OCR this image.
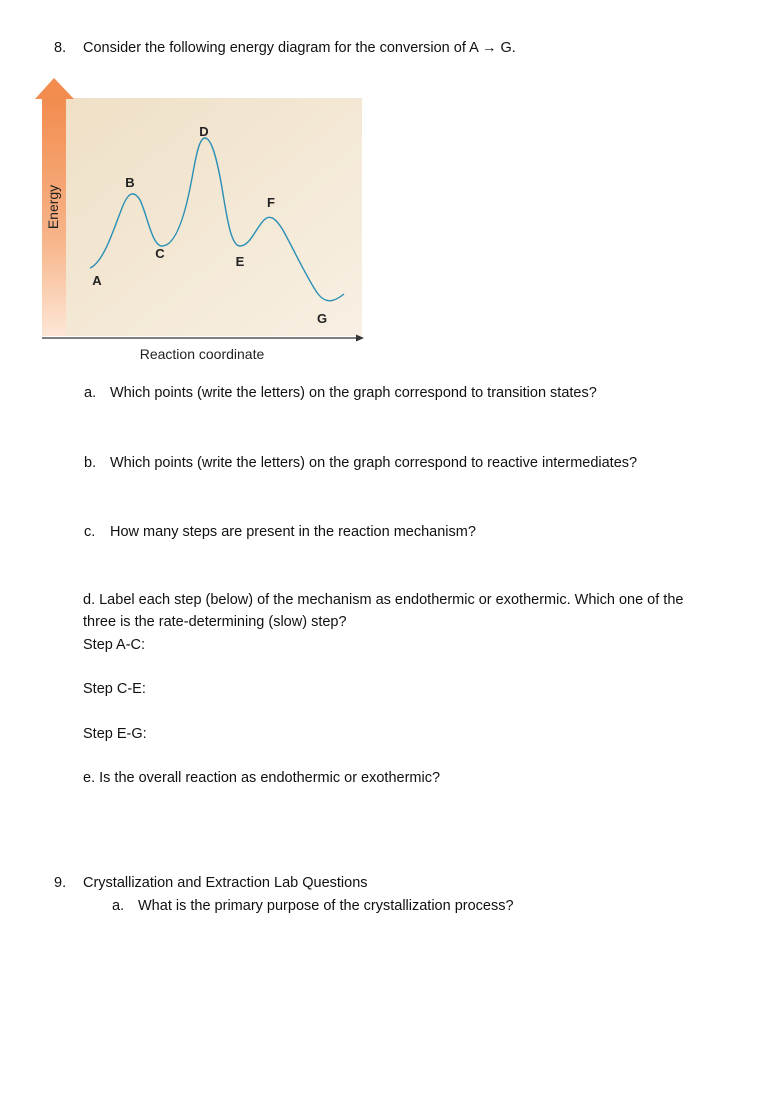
8. Consider the following energy diagram for the conversion of A → G.
Energy
Reaction coordinate
A
B
C
D
E
F
G
a. Which points (write the letters) on the graph correspond to transition states?
b. Which points (write the letters) on the graph correspond to reactive intermediates?
c. How many steps are present in the reaction mechanism?
d. Label each step (below) of the mechanism as endothermic or exothermic. Which one of the
three is the rate-determining (slow) step?
Step A-C:
Step C-E:
Step E-G:
e. Is the overall reaction as endothermic or exothermic?
9. Crystallization and Extraction Lab Questions
a. What is the primary purpose of the crystallization process?
